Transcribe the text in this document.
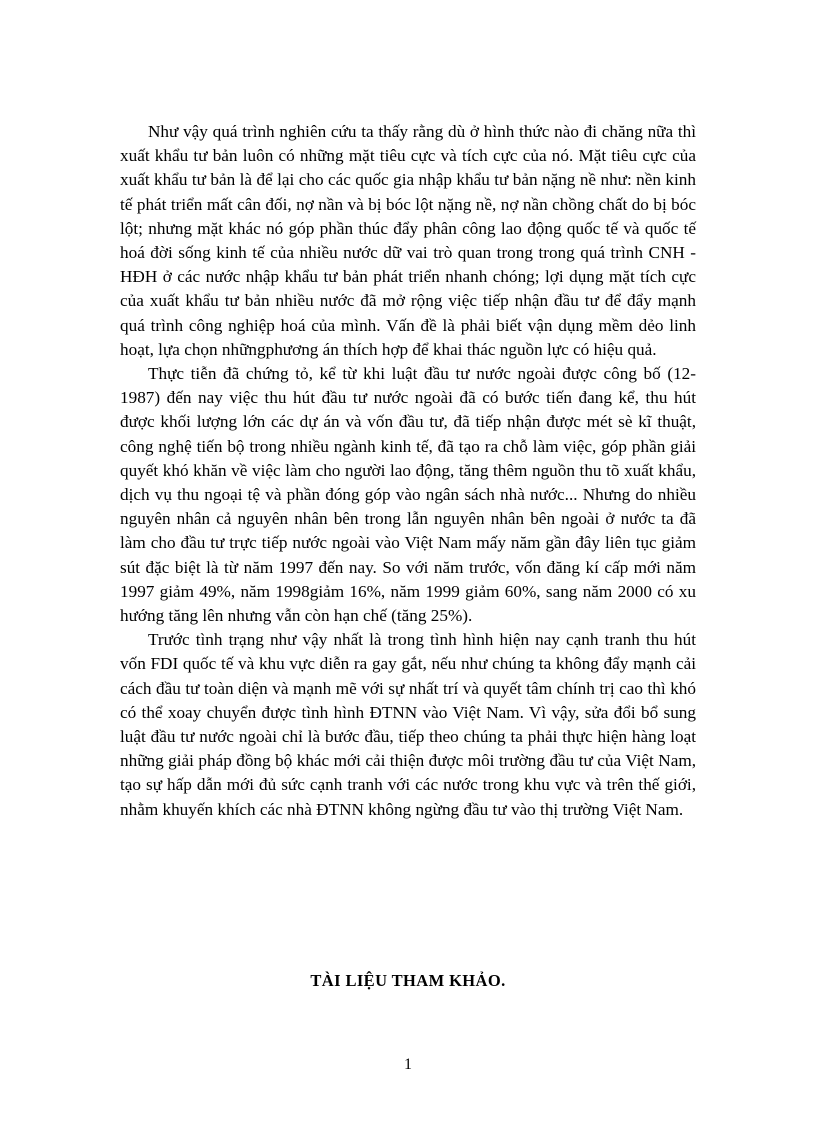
Như vậy quá trình nghiên cứu ta thấy rằng dù ở hình thức nào đi chăng nữa thì xuất khẩu tư bản luôn có những mặt tiêu cực và tích cực của nó. Mặt tiêu cực của xuất khẩu tư bản là để lại cho các quốc gia nhập khẩu tư bản nặng nề như: nền kinh tế phát triển mất cân đối, nợ nần và bị bóc lột nặng nề, nợ nần chồng chất do bị bóc lột; nhưng mặt khác nó góp phần thúc đẩy phân công lao động quốc tế và quốc tế hoá đời sống kinh tế của nhiều nước dữ vai trò quan trong trong quá trình CNH - HĐH ở các nước nhập khẩu tư bản phát triển nhanh chóng; lợi dụng mặt tích cực của xuất khẩu tư bản nhiều nước đã mở rộng việc tiếp nhận đầu tư để đẩy mạnh quá trình công nghiệp hoá của mình. Vấn đề là phải biết vận dụng mềm dẻo linh hoạt, lựa chọn nhữngphương án thích hợp để khai thác nguồn lực có hiệu quả.

Thực tiễn đã chứng tỏ, kể từ khi luật đầu tư nước ngoài được công bố (12-1987) đến nay việc thu hút đầu tư nước ngoài đã có bước tiến đang kể, thu hút được khối lượng lớn các dự án và vốn đầu tư, đã tiếp nhận được mét sè kĩ thuật, công nghệ tiến bộ trong nhiều ngành kinh tế, đã tạo ra chỗ làm việc, góp phần giải quyết khó khăn về việc làm cho người lao động, tăng thêm nguồn thu tõ xuất khẩu, dịch vụ thu ngoại tệ và phần đóng góp vào ngân sách nhà nước... Nhưng do nhiều nguyên nhân cả nguyên nhân bên trong lẫn nguyên nhân bên ngoài ở nước ta đã làm cho đầu tư trực tiếp nước ngoài vào Việt Nam mấy năm gần đây liên tục giảm sút đặc biệt là từ năm 1997 đến nay. So với năm trước, vốn đăng kí cấp mới năm 1997 giảm 49%, năm 1998giảm 16%, năm 1999 giảm 60%, sang năm 2000 có xu hướng tăng lên nhưng vẫn còn hạn chế (tăng 25%).

Trước tình trạng như vậy nhất là trong tình hình hiện nay cạnh tranh thu hút vốn FDI quốc tế và khu vực diễn ra gay gắt, nếu như chúng ta không đẩy mạnh cải cách đầu tư toàn diện và mạnh mẽ với sự nhất trí và quyết tâm chính trị cao thì khó có thể xoay chuyển được tình hình ĐTNN vào Việt Nam. Vì vậy, sửa đổi bổ sung luật đầu tư nước ngoài chỉ là bước đầu, tiếp theo chúng ta phải thực hiện hàng loạt những giải pháp đồng bộ khác mới cải thiện được môi trường đầu tư của Việt Nam, tạo sự hấp dẫn mới đủ sức cạnh tranh với các nước trong khu vực và trên thế giới, nhằm khuyến khích các nhà ĐTNN không ngừng đầu tư vào thị trường Việt Nam.

TÀI LIỆU THAM KHẢO.

1
